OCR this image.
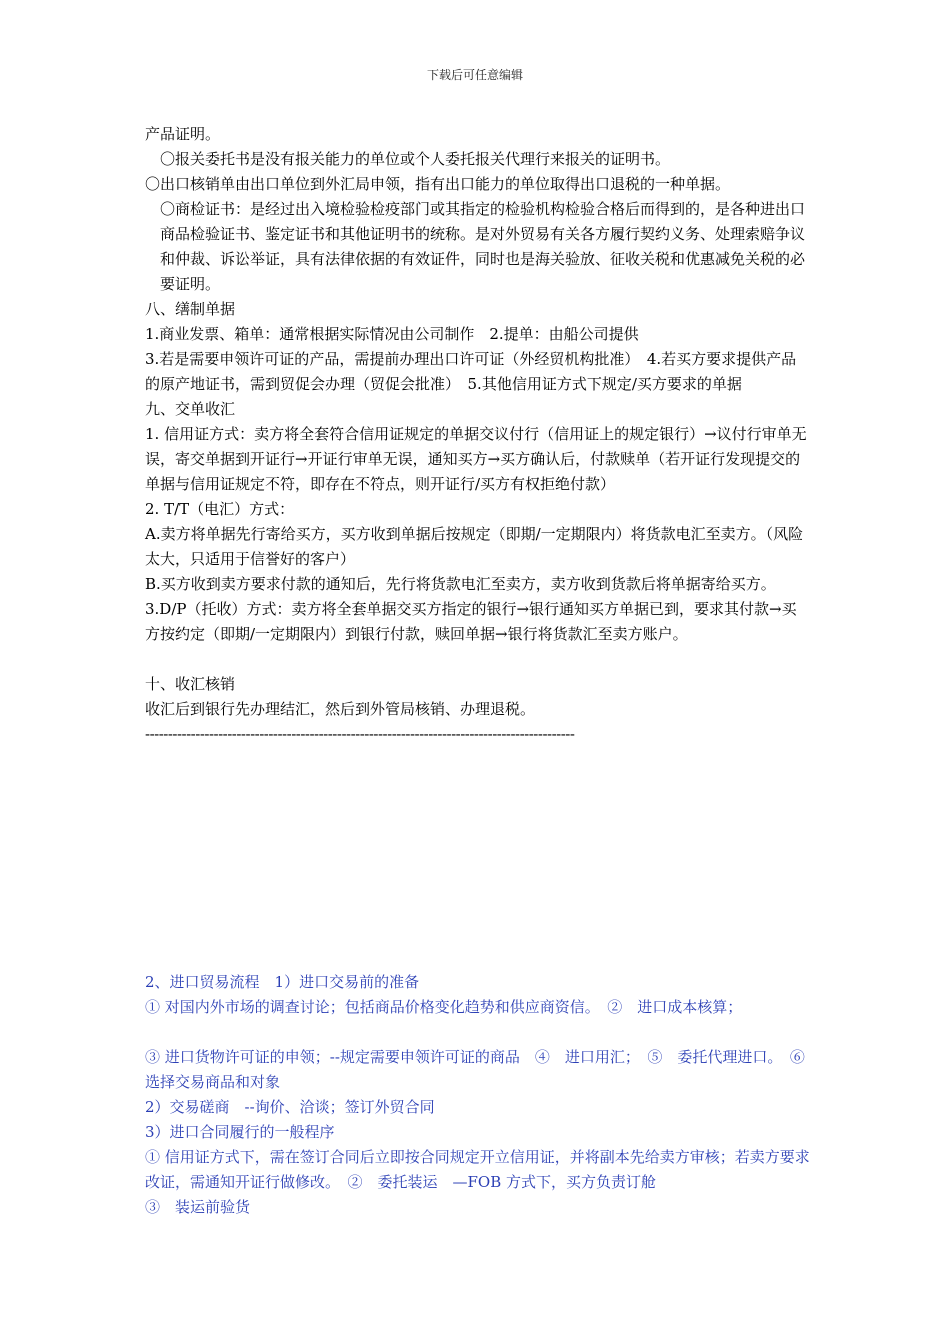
下载后可任意编辑

产品证明。

〇报关委托书是没有报关能力的单位或个人委托报关代理行来报关的证明书。

〇出口核销单由出口单位到外汇局申领，指有出口能力的单位取得出口退税的一种单据。

〇商检证书：是经过出入境检验检疫部门或其指定的检验机构检验合格后而得到的，是各种进出口商品检验证书、鉴定证书和其他证明书的统称。是对外贸易有关各方履行契约义务、处理索赔争议和仲裁、诉讼举证，具有法律依据的有效证件，同时也是海关验放、征收关税和优惠减免关税的必要证明。

八、缮制单据

1.商业发票、箱单：通常根据实际情况由公司制作　2.提单：由船公司提供

3.若是需要申领许可证的产品，需提前办理出口许可证（外经贸机构批准）　4.若买方要求提供产品的原产地证书，需到贸促会办理（贸促会批准）　5.其他信用证方式下规定/买方要求的单据

九、交单收汇

1. 信用证方式：卖方将全套符合信用证规定的单据交议付行（信用证上的规定银行）→议付行审单无误，寄交单据到开证行→开证行审单无误，通知买方→买方确认后，付款赎单（若开证行发现提交的单据与信用证规定不符，即存在不符点，则开证行/买方有权拒绝付款）

2. T/T（电汇）方式：

A.卖方将单据先行寄给买方，买方收到单据后按规定（即期/一定期限内）将货款电汇至卖方。（风险太大，只适用于信誉好的客户）

B.买方收到卖方要求付款的通知后，先行将货款电汇至卖方，卖方收到货款后将单据寄给买方。

3.D/P（托收）方式：卖方将全套单据交买方指定的银行→银行通知买方单据已到，要求其付款→买方按约定（即期/一定期限内）到银行付款，赎回单据→银行将货款汇至卖方账户。

十、收汇核销

收汇后到银行先办理结汇，然后到外管局核销、办理退税。

----------------------------------------------------------------------------------------------

2、进口贸易流程　1）进口交易前的准备

① 对国内外市场的调查讨论；包括商品价格变化趋势和供应商资信。　②　进口成本核算；

③ 进口货物许可证的申领；--规定需要申领许可证的商品　④　进口用汇；　⑤　委托代理进口。　⑥　选择交易商品和对象

2）交易磋商　--询价、洽谈；签订外贸合同

3）进口合同履行的一般程序

① 信用证方式下，需在签订合同后立即按合同规定开立信用证，并将副本先给卖方审核；若卖方要求改证，需通知开证行做修改。　②　委托装运　—FOB 方式下，买方负责订舱

③　装运前验货
